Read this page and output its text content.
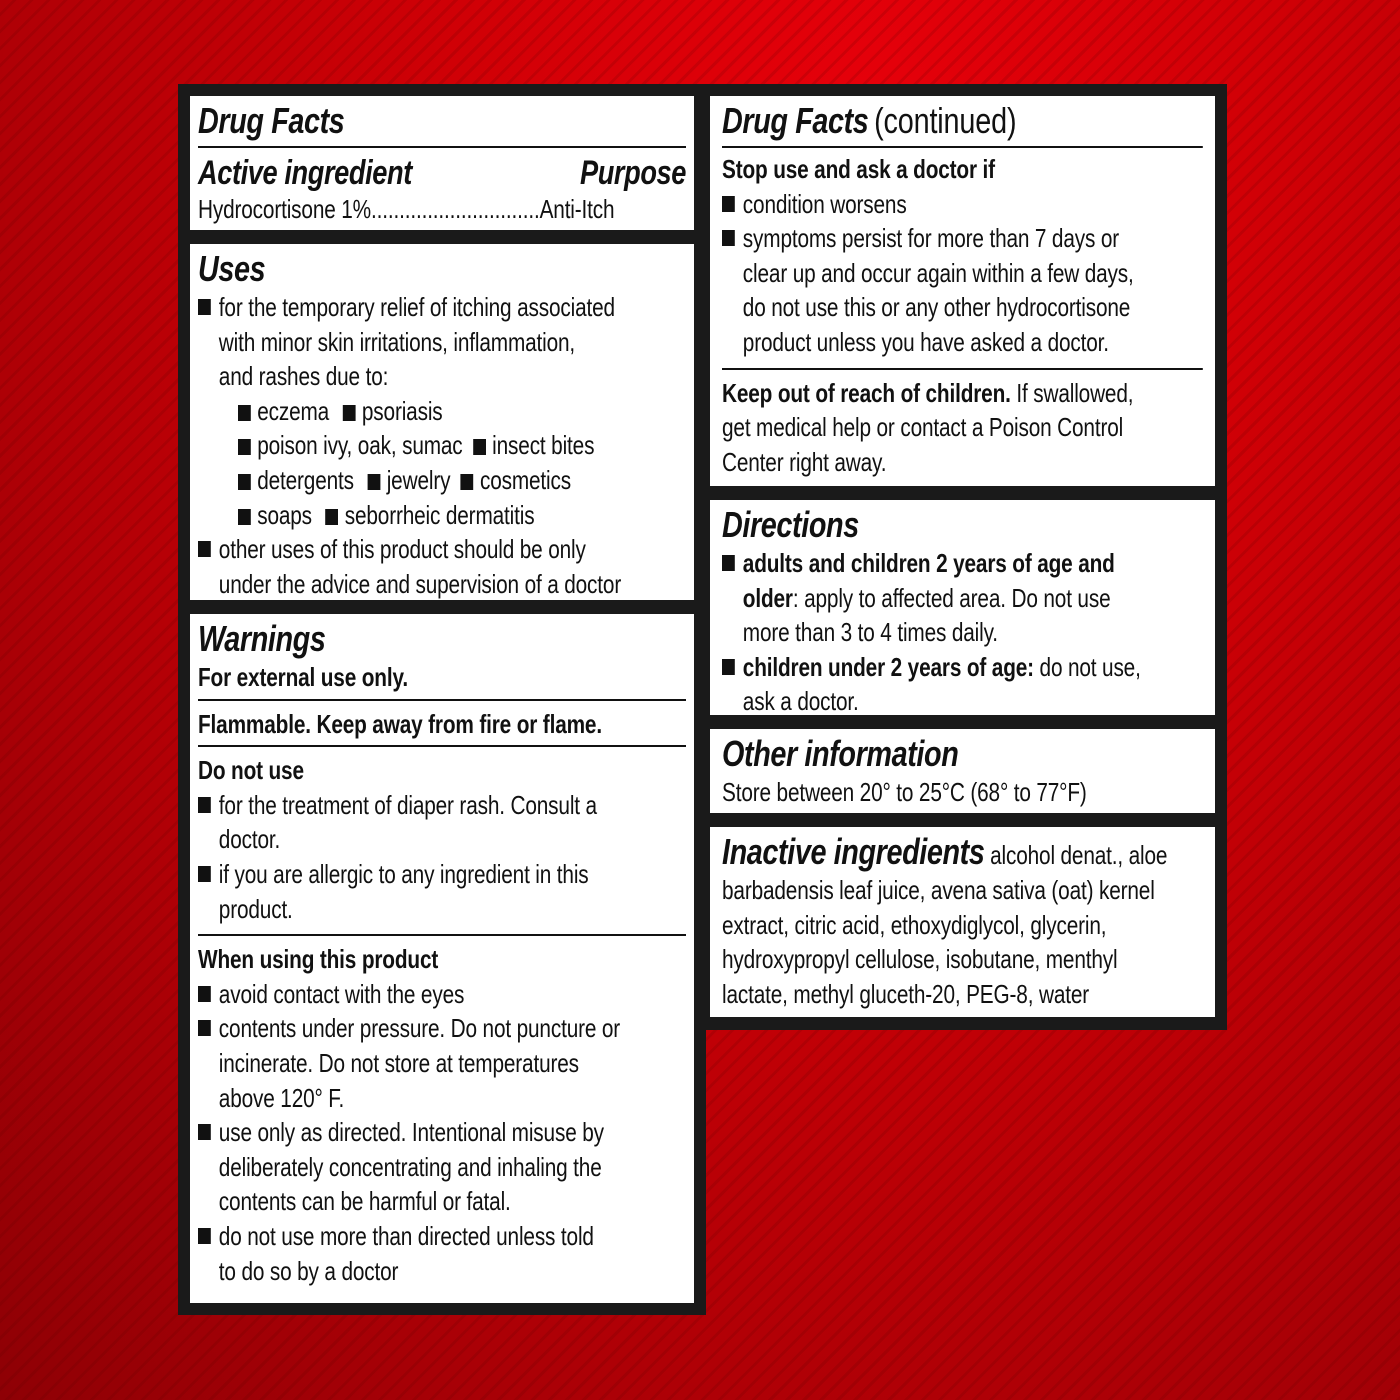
Drug Facts
Active ingredient	Purpose
Hydrocortisone 1%..............................Anti-Itch
Uses
for the temporary relief of itching associated
with minor skin irritations, inflammation,
and rashes due to:
eczema psoriasis
poison ivy, oak, sumac insect bites
detergents jewelry cosmetics
soaps seborrheic dermatitis
other uses of this product should be only
under the advice and supervision of a doctor
Warnings
For external use only.
Flammable. Keep away from fire or flame.
Do not use
for the treatment of diaper rash. Consult a
doctor.
if you are allergic to any ingredient in this
product.
When using this product
avoid contact with the eyes
contents under pressure. Do not puncture or
incinerate. Do not store at temperatures
above 120° F.
use only as directed. Intentional misuse by
deliberately concentrating and inhaling the
contents can be harmful or fatal.
do not use more than directed unless told
to do so by a doctor
Drug Facts (continued)
Stop use and ask a doctor if
condition worsens
symptoms persist for more than 7 days or
clear up and occur again within a few days,
do not use this or any other hydrocortisone
product unless you have asked a doctor.
Keep out of reach of children. If swallowed,
get medical help or contact a Poison Control
Center right away.
Directions
adults and children 2 years of age and
older: apply to affected area. Do not use
more than 3 to 4 times daily.
children under 2 years of age: do not use,
ask a doctor.
Other information
Store between 20° to 25°C (68° to 77°F)
Inactive ingredients alcohol denat., aloe
barbadensis leaf juice, avena sativa (oat) kernel
extract, citric acid, ethoxydiglycol, glycerin,
hydroxypropyl cellulose, isobutane, menthyl
lactate, methyl gluceth-20, PEG-8, water
